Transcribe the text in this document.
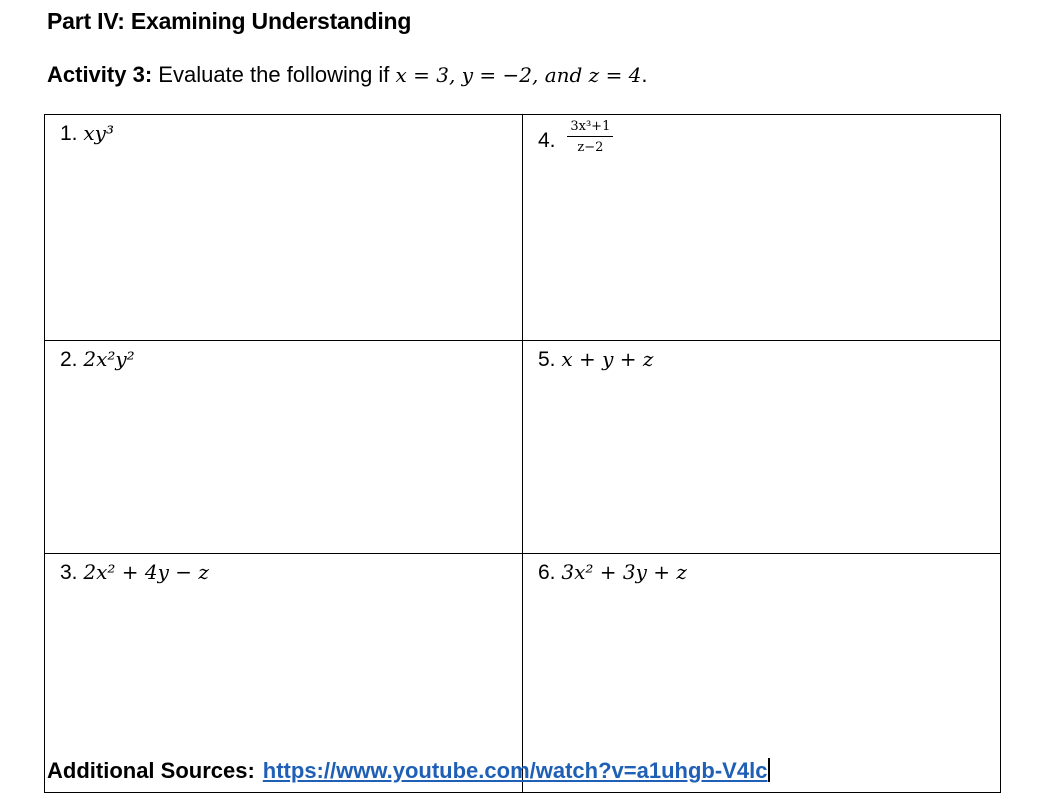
Part IV: Examining Understanding
Activity 3: Evaluate the following if x = 3, y = −2, and z = 4.
1. xy³	4. $\frac{\text{3x³+1}}{z-2}$

2. 2x²y²	5. x + y + z
3. 2x² + 4y − z	6. 3x² + 3y + z
Additional Sources: https://www.youtube.com/watch?v=a1uhgb-V4lc
